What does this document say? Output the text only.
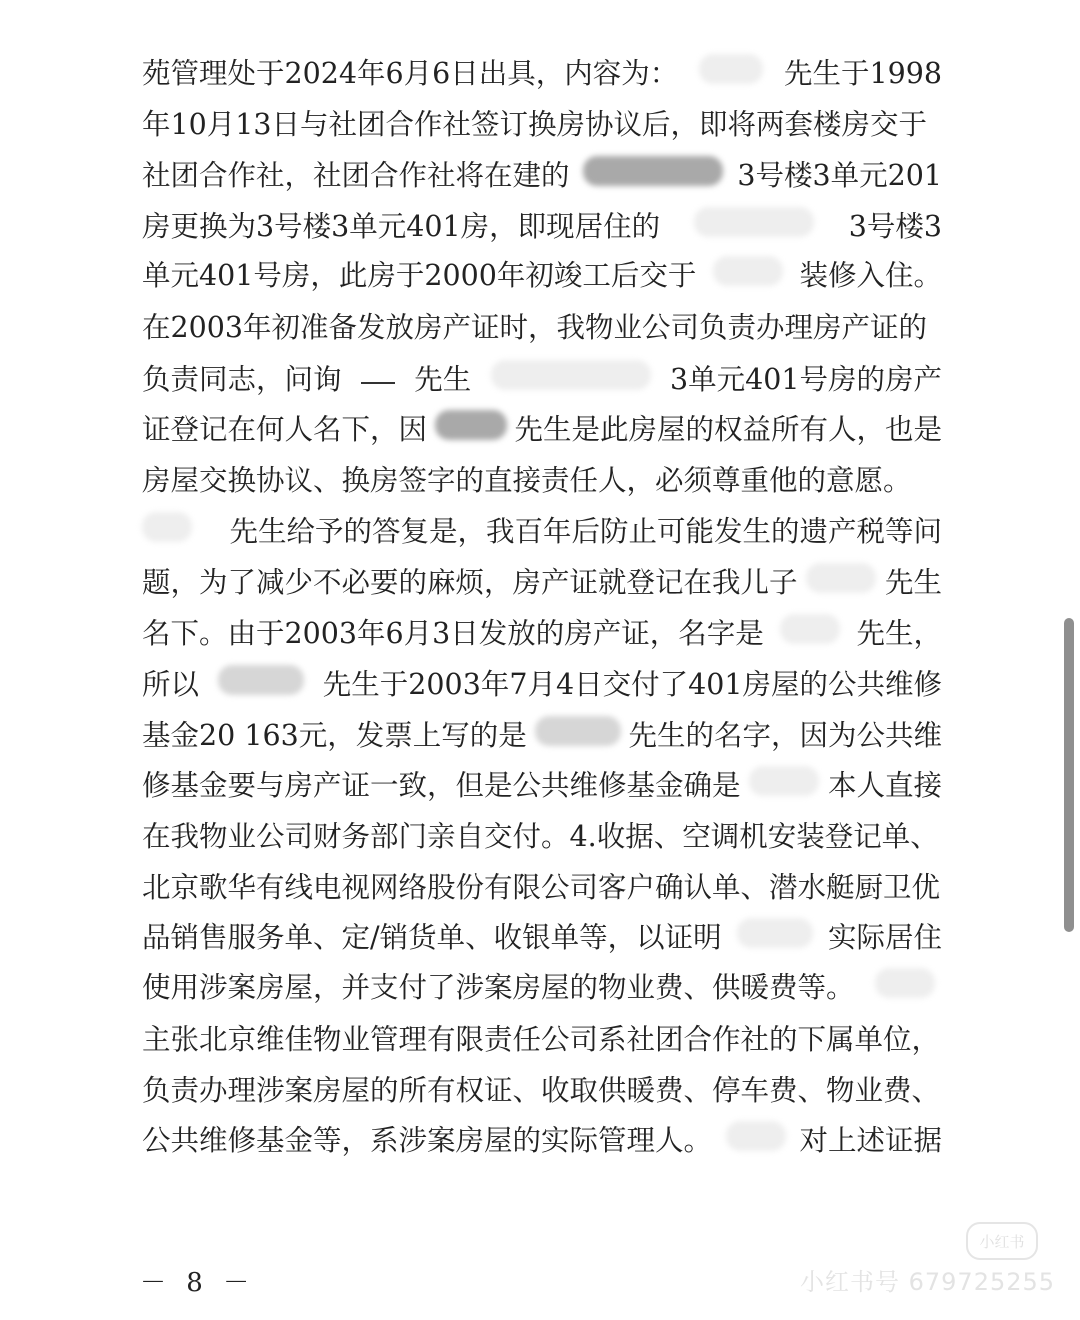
苑管理处于2024年6月6日出具，内容为：	先生于1998
年10月13日与社团合作社签订换房协议后，即将两套楼房交于
社团合作社，社团合作社将在建的	3号楼3单元201
房更换为3号楼3单元401房，即现居住的	3号楼3
单元401号房，此房于2000年初竣工后交于	装修入住。
在2003年初准备发放房产证时，我物业公司负责办理房产证的
负责同志，问询	先生	3单元401号房的房产
证登记在何人名下，因	先生是此房屋的权益所有人，也是
房屋交换协议、换房签字的直接责任人，必须尊重他的意愿。
先生给予的答复是，我百年后防止可能发生的遗产税等问
题，为了减少不必要的麻烦，房产证就登记在我儿子	先生
名下。由于2003年6月3日发放的房产证，名字是	先生，
所以	先生于2003年7月4日交付了401房屋的公共维修
基金20 163元，发票上写的是	先生的名字，因为公共维
修基金要与房产证一致，但是公共维修基金确是	本人直接
在我物业公司财务部门亲自交付。4.收据、空调机安装登记单、
北京歌华有线电视网络股份有限公司客户确认单、潜水艇厨卫优
品销售服务单、定/销货单、收银单等，以证明	实际居住
使用涉案房屋，并支付了涉案房屋的物业费、供暖费等。
主张北京维佳物业管理有限责任公司系社团合作社的下属单位，
负责办理涉案房屋的所有权证、收取供暖费、停车费、物业费、
公共维修基金等，系涉案房屋的实际管理人。	对上述证据
－ 8 －
小红书
小红书号 679725255
